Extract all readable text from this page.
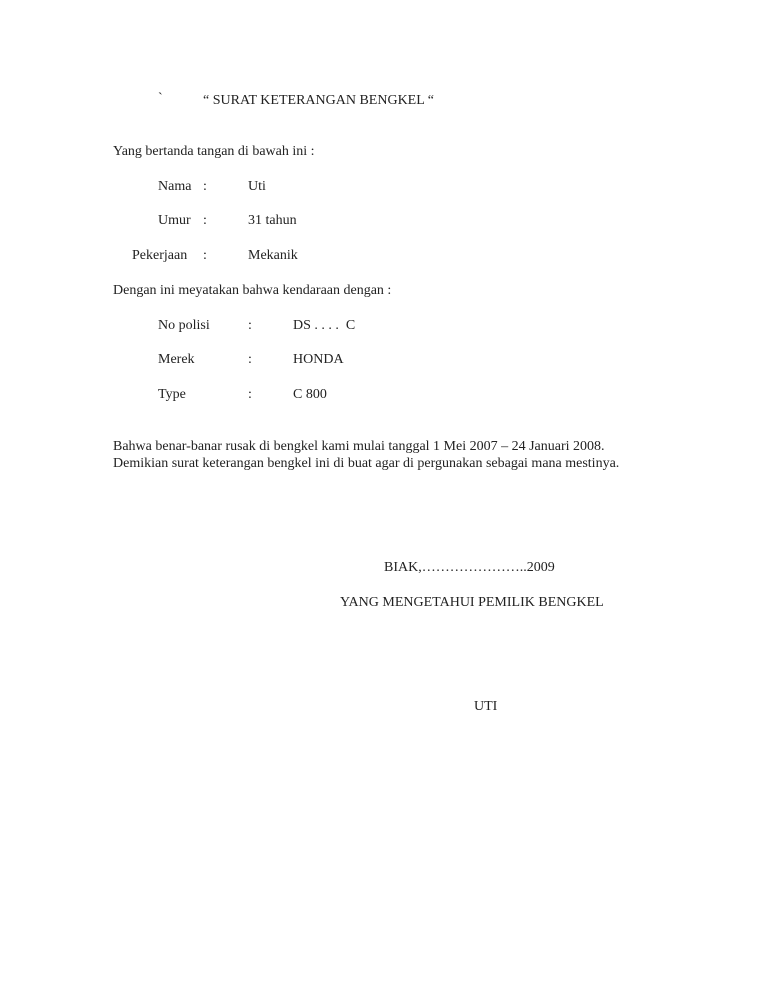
`	“ SURAT KETERANGAN BENGKEL “
Yang bertanda tangan di bawah ini :
Nama :	Uti
Umur :	31 tahun
Pekerjaan :	Mekanik
Dengan ini meyatakan bahwa kendaraan dengan :
No polisi	:	DS . . . .  C
Merek	:	HONDA
Type	:	C 800

Bahwa benar-banar rusak di bengkel kami mulai tanggal 1 Mei 2007 – 24 Januari 2008.

Demikian surat keterangan bengkel ini di buat agar di pergunakan sebagai mana mestinya.

BIAK,…………………..2009
YANG MENGETAHUI PEMILIK BENGKEL
UTI
